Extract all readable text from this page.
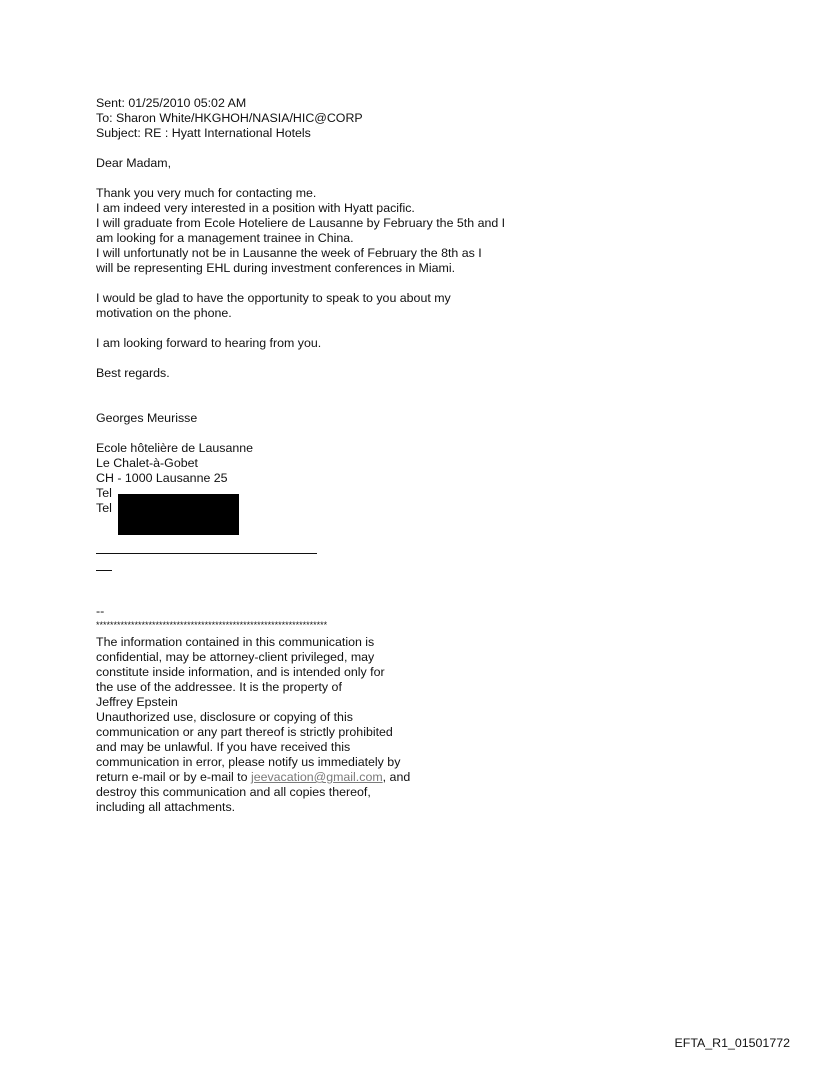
Sent: 01/25/2010 05:02 AM
To: Sharon White/HKGHOH/NASIA/HIC@CORP
Subject: RE : Hyatt International Hotels
Dear Madam,
Thank you very much for contacting me.
I am indeed very interested in a position with Hyatt pacific.
I will graduate from Ecole Hoteliere de Lausanne by February the 5th and I
am looking for a management trainee in China.
I will unfortunatly not be in Lausanne the week of February the 8th as I
will be representing EHL during investment conferences in Miami.
I would be glad to have the opportunity to speak to you about my
motivation on the phone.
I am looking forward to hearing from you.
Best regards.
Georges Meurisse
Ecole hôtelière de Lausanne
Le Chalet-à-Gobet
CH - 1000 Lausanne 25
Tel
Tel
--
******************************************************************
The information contained in this communication is
confidential, may be attorney-client privileged, may
constitute inside information, and is intended only for
the use of the addressee. It is the property of
Jeffrey Epstein
Unauthorized use, disclosure or copying of this
communication or any part thereof is strictly prohibited
and may be unlawful. If you have received this
communication in error, please notify us immediately by
return e-mail or by e-mail to jeevacation@gmail.com, and
destroy this communication and all copies thereof,
including all attachments.
EFTA_R1_01501772
